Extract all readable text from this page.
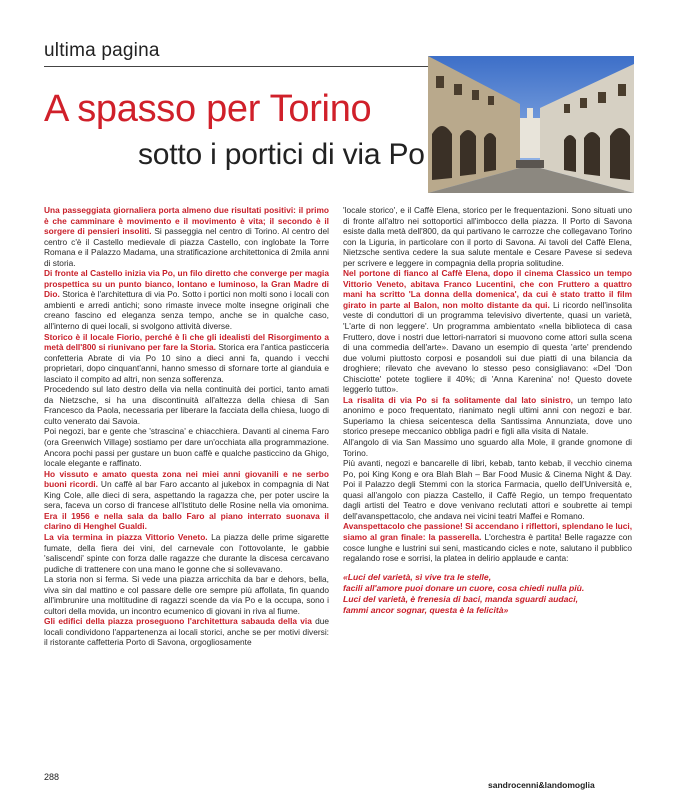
ultima pagina
A spasso per Torino
sotto i portici di via Po

Una passeggiata giornaliera porta almeno due risultati positivi: il primo è che camminare è movimento e il movimento è vita; il secondo è il sorgere di pensieri insoliti. Si passeggia nel centro di Torino. Al centro del centro c'è il Castello medievale di piazza Castello, con inglobate la Torre Romana e il Palazzo Madama, una stratificazione architettonica di 2mila anni di storia.

Di fronte al Castello inizia via Po, un filo diretto che converge per magia prospettica su un punto bianco, lontano e luminoso, la Gran Madre di Dio. Storica è l'architettura di via Po. Sotto i portici non molti sono i locali con ambienti e arredi antichi; sono rimaste invece molte insegne originali che creano fascino ed eleganza senza tempo, anche se in qualche caso, all'interno di quei locali, si svolgono attività diverse.

Storico è il locale Fiorio, perché è lì che gli idealisti del Risorgimento a metà dell'800 si riunivano per fare la Storia. Storica era l'antica pasticceria confetteria Abrate di via Po 10 sino a dieci anni fa, quando i vecchi proprietari, dopo cinquant'anni, hanno smesso di sfornare torte al gianduia e lasciato il compito ad altri, non senza sofferenza.

Procedendo sul lato destro della via nella continuità dei portici, tanto amati da Nietzsche, si ha una discontinuità all'altezza della chiesa di San Francesco da Paola, necessaria per liberare la facciata della chiesa, luogo di culto venerato dai Savoia.

Poi negozi, bar e gente che 'strascina' e chiacchiera. Davanti al cinema Faro (ora Greenwich Village) sostiamo per dare un'occhiata alla programmazione. Ancora pochi passi per gustare un buon caffè e qualche pasticcino da Ghigo, locale elegante e raffinato.

Ho vissuto e amato questa zona nei miei anni giovanili e ne serbo buoni ricordi. Un caffè al bar Faro accanto al jukebox in compagnia di Nat King Cole, alle dieci di sera, aspettando la ragazza che, per poter uscire la sera, faceva un corso di francese all'Istituto delle Rosine nella via omonima. Era il 1956 e nella sala da ballo Faro al piano interrato suonava il clarino di Henghel Gualdi.

La via termina in piazza Vittorio Veneto. La piazza delle prime sigarette fumate, della fiera dei vini, del carnevale con l'ottovolante, le gabbie 'saliscendi' spinte con forza dalle ragazze che durante la discesa cercavano pudiche di trattenere con una mano le gonne che si sollevavano.

La storia non si ferma. Si vede una piazza arricchita da bar e dehors, bella, viva sin dal mattino e col passare delle ore sempre più affollata, fin quando all'imbrunire una moltitudine di ragazzi scende da via Po e la occupa, sono i cultori della movida, un incontro ecumenico di giovani in riva al fiume.

Gli edifici della piazza proseguono l'architettura sabauda della via due locali condividono l'appartenenza ai locali storici, anche se per motivi diversi: il ristorante caffetteria Porto di Savona, orgogliosamente

'locale storico', e il Caffè Elena, storico per le frequentazioni. Sono situati uno di fronte all'altro nei sottoportici all'imbocco della piazza. Il Porto di Savona esiste dalla metà dell'800, da qui partivano le carrozze che collegavano Torino con la Liguria, in particolare con il porto di Savona. Ai tavoli del Caffè Elena, Nietzsche sentiva cedere la sua salute mentale e Cesare Pavese si sedeva per scrivere e leggere in compagnia della propria solitudine.

Nel portone di fianco al Caffè Elena, dopo il cinema Classico un tempo Vittorio Veneto, abitava Franco Lucentini, che con Fruttero a quattro mani ha scritto 'La donna della domenica', da cui è stato tratto il film girato in parte al Balon, non molto distante da qui. Li ricordo nell'insolita veste di conduttori di un programma televisivo divertente, quasi un varietà, 'L'arte di non leggere'. Un programma ambientato «nella biblioteca di casa Fruttero, dove i nostri due lettori-narratori si muovono come attori sulla scena di una commedia dell'arte». Davano un esempio di questa 'arte' prendendo due volumi piuttosto corposi e posandoli sui due piatti di una bilancia da droghiere; rilevato che avevano lo stesso peso consigliavano: «Del 'Don Chisciotte' potete togliere il 40%; di 'Anna Karenina' no! Questo dovete leggerlo tutto».

La risalita di via Po si fa solitamente dal lato sinistro, un tempo lato anonimo e poco frequentato, rianimato negli ultimi anni con negozi e bar. Superiamo la chiesa seicentesca della Santissima Annunziata, dove uno storico presepe meccanico obbliga padri e figli alla visita di Natale.

All'angolo di via San Massimo uno sguardo alla Mole, il grande gnomone di Torino.

Più avanti, negozi e bancarelle di libri, kebab, tanto kebab, il vecchio cinema Po, poi King Kong e ora Blah Blah – Bar Food Music & Cinema Night & Day. Poi il Palazzo degli Stemmi con la storica Farmacia, quello dell'Università e, quasi all'angolo con piazza Castello, il Caffè Regio, un tempo frequentato dagli artisti del Teatro e dove venivano reclutati attori e soubrette ai tempi dell'avanspettacolo, che andava nei vicini teatri Maffei e Romano.

Avanspettacolo che passione! Si accendano i riflettori, splendano le luci, siamo al gran finale: la passerella. L'orchestra è partita! Belle ragazze con cosce lunghe e lustrini sui seni, masticando cicles e note, salutano il pubblico regalando rose e sorrisi, la platea in delirio applaude e canta:

«Luci del varietà, sì vive tra le stelle,
facili all'amore puoi donare un cuore, cosa chiedi nulla più.
Luci del varietà, è frenesia di baci, manda sguardi audaci,
fammi ancor sognar, questa è la felicità»

sandrocenni&landomoglia
288
